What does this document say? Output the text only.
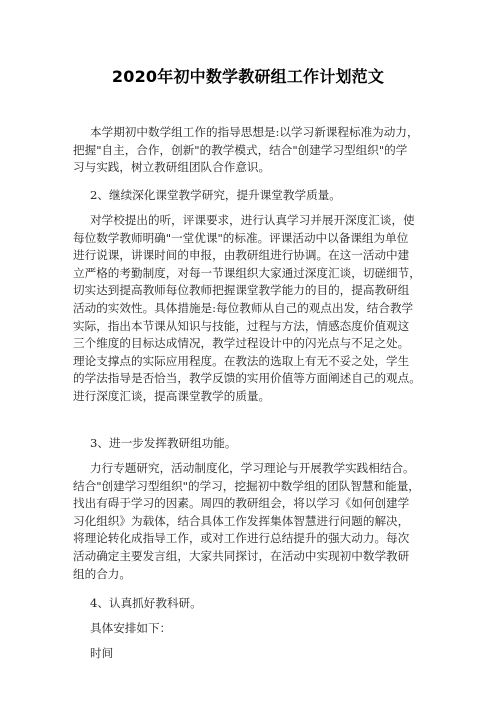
2020年初中数学教研组工作计划范文
本学期初中数学组工作的指导思想是:以学习新课程标准为动力，
把握"自主，合作，创新"的教学模式，结合"创建学习型组织"的学
习与实践，树立教研组团队合作意识。
2、继续深化课堂教学研究，提升课堂教学质量。
对学校提出的听，评课要求，进行认真学习并展开深度汇谈，使
每位数学教师明确"一堂优课"的标准。评课活动中以备课组为单位
进行说课，讲课时间的申报，由教研组进行协调。在这一活动中建
立严格的考勤制度，对每一节课组织大家通过深度汇谈，切磋细节，
切实达到提高教师每位教师把握课堂教学能力的目的，提高教研组
活动的实效性。具体措施是:每位教师从自己的观点出发，结合教学
实际，指出本节课从知识与技能，过程与方法，情感态度价值观这
三个维度的目标达成情况，教学过程设计中的闪光点与不足之处。
理论支撑点的实际应用程度。在教法的选取上有无不妥之处，学生
的学法指导是否恰当，教学反馈的实用价值等方面阐述自己的观点。
进行深度汇谈，提高课堂教学的质量。
3、进一步发挥教研组功能。
力行专题研究，活动制度化，学习理论与开展教学实践相结合。
结合"创建学习型组织"的学习，挖掘初中数学组的团队智慧和能量，
找出有碍于学习的因素。周四的教研组会，将以学习《如何创建学
习化组织》为载体，结合具体工作发挥集体智慧进行问题的解决，
将理论转化成指导工作，或对工作进行总结提升的强大动力。每次
活动确定主要发言组，大家共同探讨，在活动中实现初中数学教研
组的合力。
4、认真抓好教科研。
具体安排如下：
时间
